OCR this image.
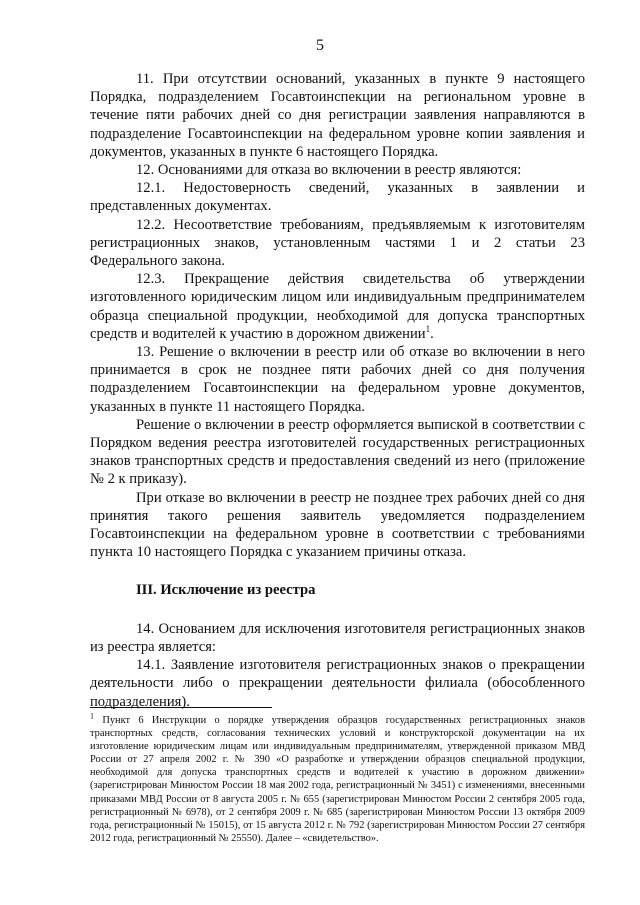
5

11. При отсутствии оснований, указанных в пункте 9 настоящего Порядка, подразделением Госавтоинспекции на региональном уровне в течение пяти рабочих дней со дня регистрации заявления направляются в подразделение Госавтоинспекции на федеральном уровне копии заявления и документов, указанных в пункте 6 настоящего Порядка.

12. Основаниями для отказа во включении в реестр являются:

12.1. Недостоверность сведений, указанных в заявлении и представленных документах.

12.2. Несоответствие требованиям, предъявляемым к изготовителям регистрационных знаков, установленным частями 1 и 2 статьи 23 Федерального закона.

12.3. Прекращение действия свидетельства об утверждении изготовленного юридическим лицом или индивидуальным предпринимателем образца специальной продукции, необходимой для допуска транспортных средств и водителей к участию в дорожном движении$^1$.

13. Решение о включении в реестр или об отказе во включении в него принимается в срок не позднее пяти рабочих дней со дня получения подразделением Госавтоинспекции на федеральном уровне документов, указанных в пункте 11 настоящего Порядка.

Решение о включении в реестр оформляется выпиской в соответствии с Порядком ведения реестра изготовителей государственных регистрационных знаков транспортных средств и предоставления сведений из него (приложение № 2 к приказу).

При отказе во включении в реестр не позднее трех рабочих дней со дня принятия такого решения заявитель уведомляется подразделением Госавтоинспекции на федеральном уровне в соответствии с требованиями пункта 10 настоящего Порядка с указанием причины отказа.

III. Исключение из реестра

14. Основанием для исключения изготовителя регистрационных знаков из реестра является:

14.1. Заявление изготовителя регистрационных знаков о прекращении деятельности либо о прекращении деятельности филиала (обособленного подразделения).

$^1$ Пункт 6 Инструкции о порядке утверждения образцов государственных регистрационных знаков транспортных средств, согласования технических условий и конструкторской документации на их изготовление юридическим лицам или индивидуальным предпринимателям, утвержденной приказом МВД России от 27 апреля 2002 г. № 390 «О разработке и утверждении образцов специальной продукции, необходимой для допуска транспортных средств и водителей к участию в дорожном движении» (зарегистрирован Минюстом России 18 мая 2002 года, регистрационный № 3451) с изменениями, внесенными приказами МВД России от 8 августа 2005 г. № 655 (зарегистрирован Минюстом России 2 сентября 2005 года, регистрационный № 6978), от 2 сентября 2009 г. № 685 (зарегистрирован Минюстом России 13 октября 2009 года, регистрационный № 15015), от 15 августа 2012 г. № 792 (зарегистрирован Минюстом России 27 сентября 2012 года, регистрационный № 25550). Далее – «свидетельство».
